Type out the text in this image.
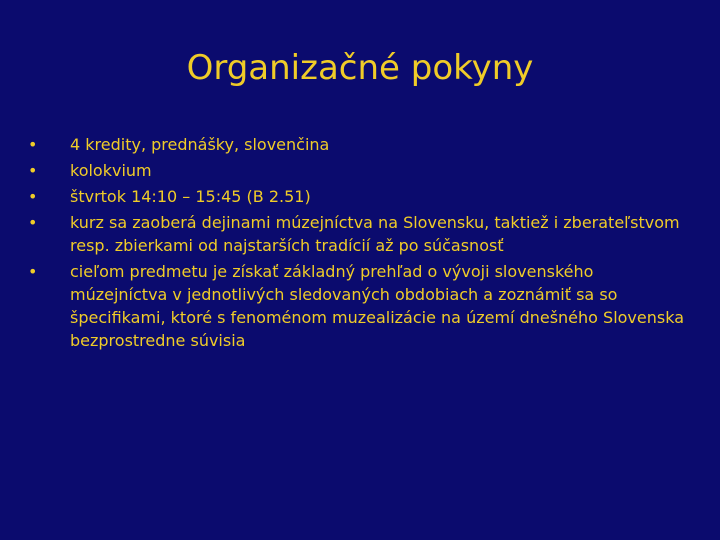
Organizačné pokyny
• 4 kredity, prednášky, slovenčina
• kolokvium
• štvrtok 14:10 – 15:45 (B 2.51)
• kurz sa zaoberá dejinami múzejníctva na Slovensku, taktiež i zberateľstvom resp. zbierkami od najstarších tradícií až po súčasnosť
• cieľom predmetu je získať základný prehľad o vývoji slovenského múzejníctva v jednotlivých sledovaných obdobiach a zoznámiť sa so špecifikami, ktoré s fenoménom muzealizácie na území dnešného Slovenska bezprostredne súvisia
